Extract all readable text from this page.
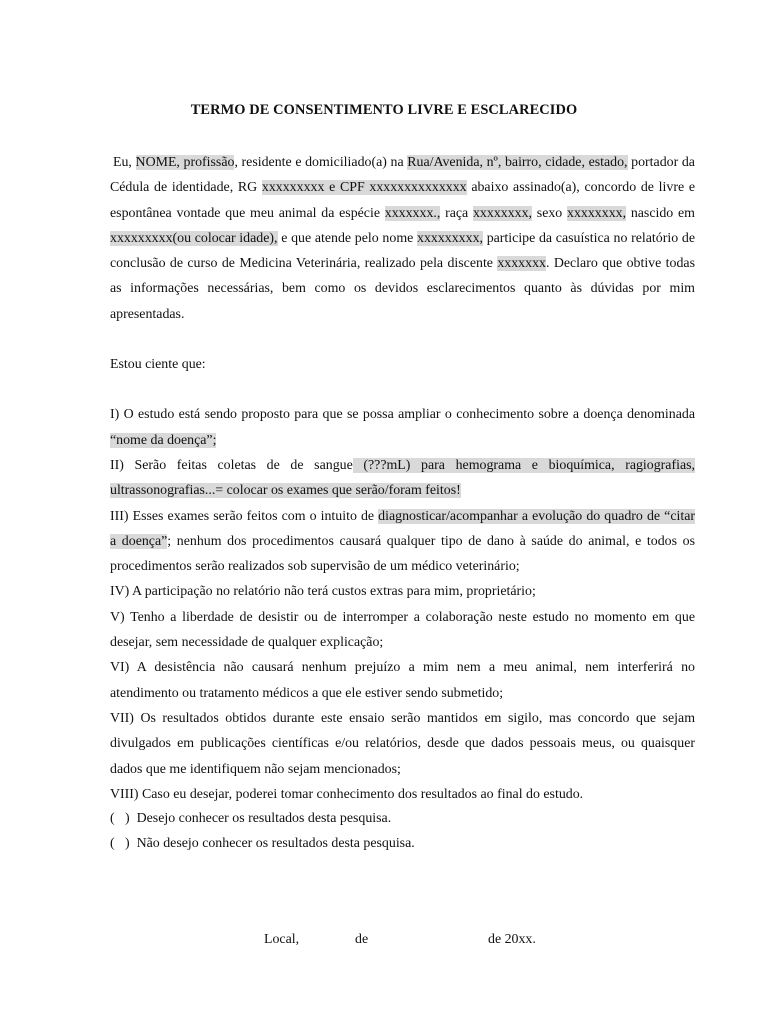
TERMO DE CONSENTIMENTO LIVRE E ESCLARECIDO

Eu, NOME, profissão, residente e domiciliado(a) na Rua/Avenida, nº, bairro, cidade, estado, portador da Cédula de identidade, RG xxxxxxxxx e CPF xxxxxxxxxxxxxx abaixo assinado(a), concordo de livre e espontânea vontade que meu animal da espécie xxxxxxx., raça xxxxxxxx, sexo xxxxxxxx, nascido em xxxxxxxxx(ou colocar idade), e que atende pelo nome xxxxxxxxx, participe da casuística no relatório de conclusão de curso de Medicina Veterinária, realizado pela discente xxxxxxx. Declaro que obtive todas as informações necessárias, bem como os devidos esclarecimentos quanto às dúvidas por mim apresentadas.

Estou ciente que:

I) O estudo está sendo proposto para que se possa ampliar o conhecimento sobre a doença denominada “nome da doença”;

II) Serão feitas coletas de de sangue (???mL) para hemograma e bioquímica, ragiografias, ultrassonografias...= colocar os exames que serão/foram feitos!

III) Esses exames serão feitos com o intuito de diagnosticar/acompanhar a evolução do quadro de “citar a doença”; nenhum dos procedimentos causará qualquer tipo de dano à saúde do animal, e todos os procedimentos serão realizados sob supervisão de um médico veterinário;

IV) A participação no relatório não terá custos extras para mim, proprietário;

V) Tenho a liberdade de desistir ou de interromper a colaboração neste estudo no momento em que desejar, sem necessidade de qualquer explicação;

VI) A desistência não causará nenhum prejuízo a mim nem a meu animal, nem interferirá no atendimento ou tratamento médicos a que ele estiver sendo submetido;

VII) Os resultados obtidos durante este ensaio serão mantidos em sigilo, mas concordo que sejam divulgados em publicações científicas e/ou relatórios, desde que dados pessoais meus, ou quaisquer dados que me identifiquem não sejam mencionados;

VIII) Caso eu desejar, poderei tomar conhecimento dos resultados ao final do estudo.

(   )  Desejo conhecer os resultados desta pesquisa.

(   )  Não desejo conhecer os resultados desta pesquisa.

Local,	de	de 20xx.
